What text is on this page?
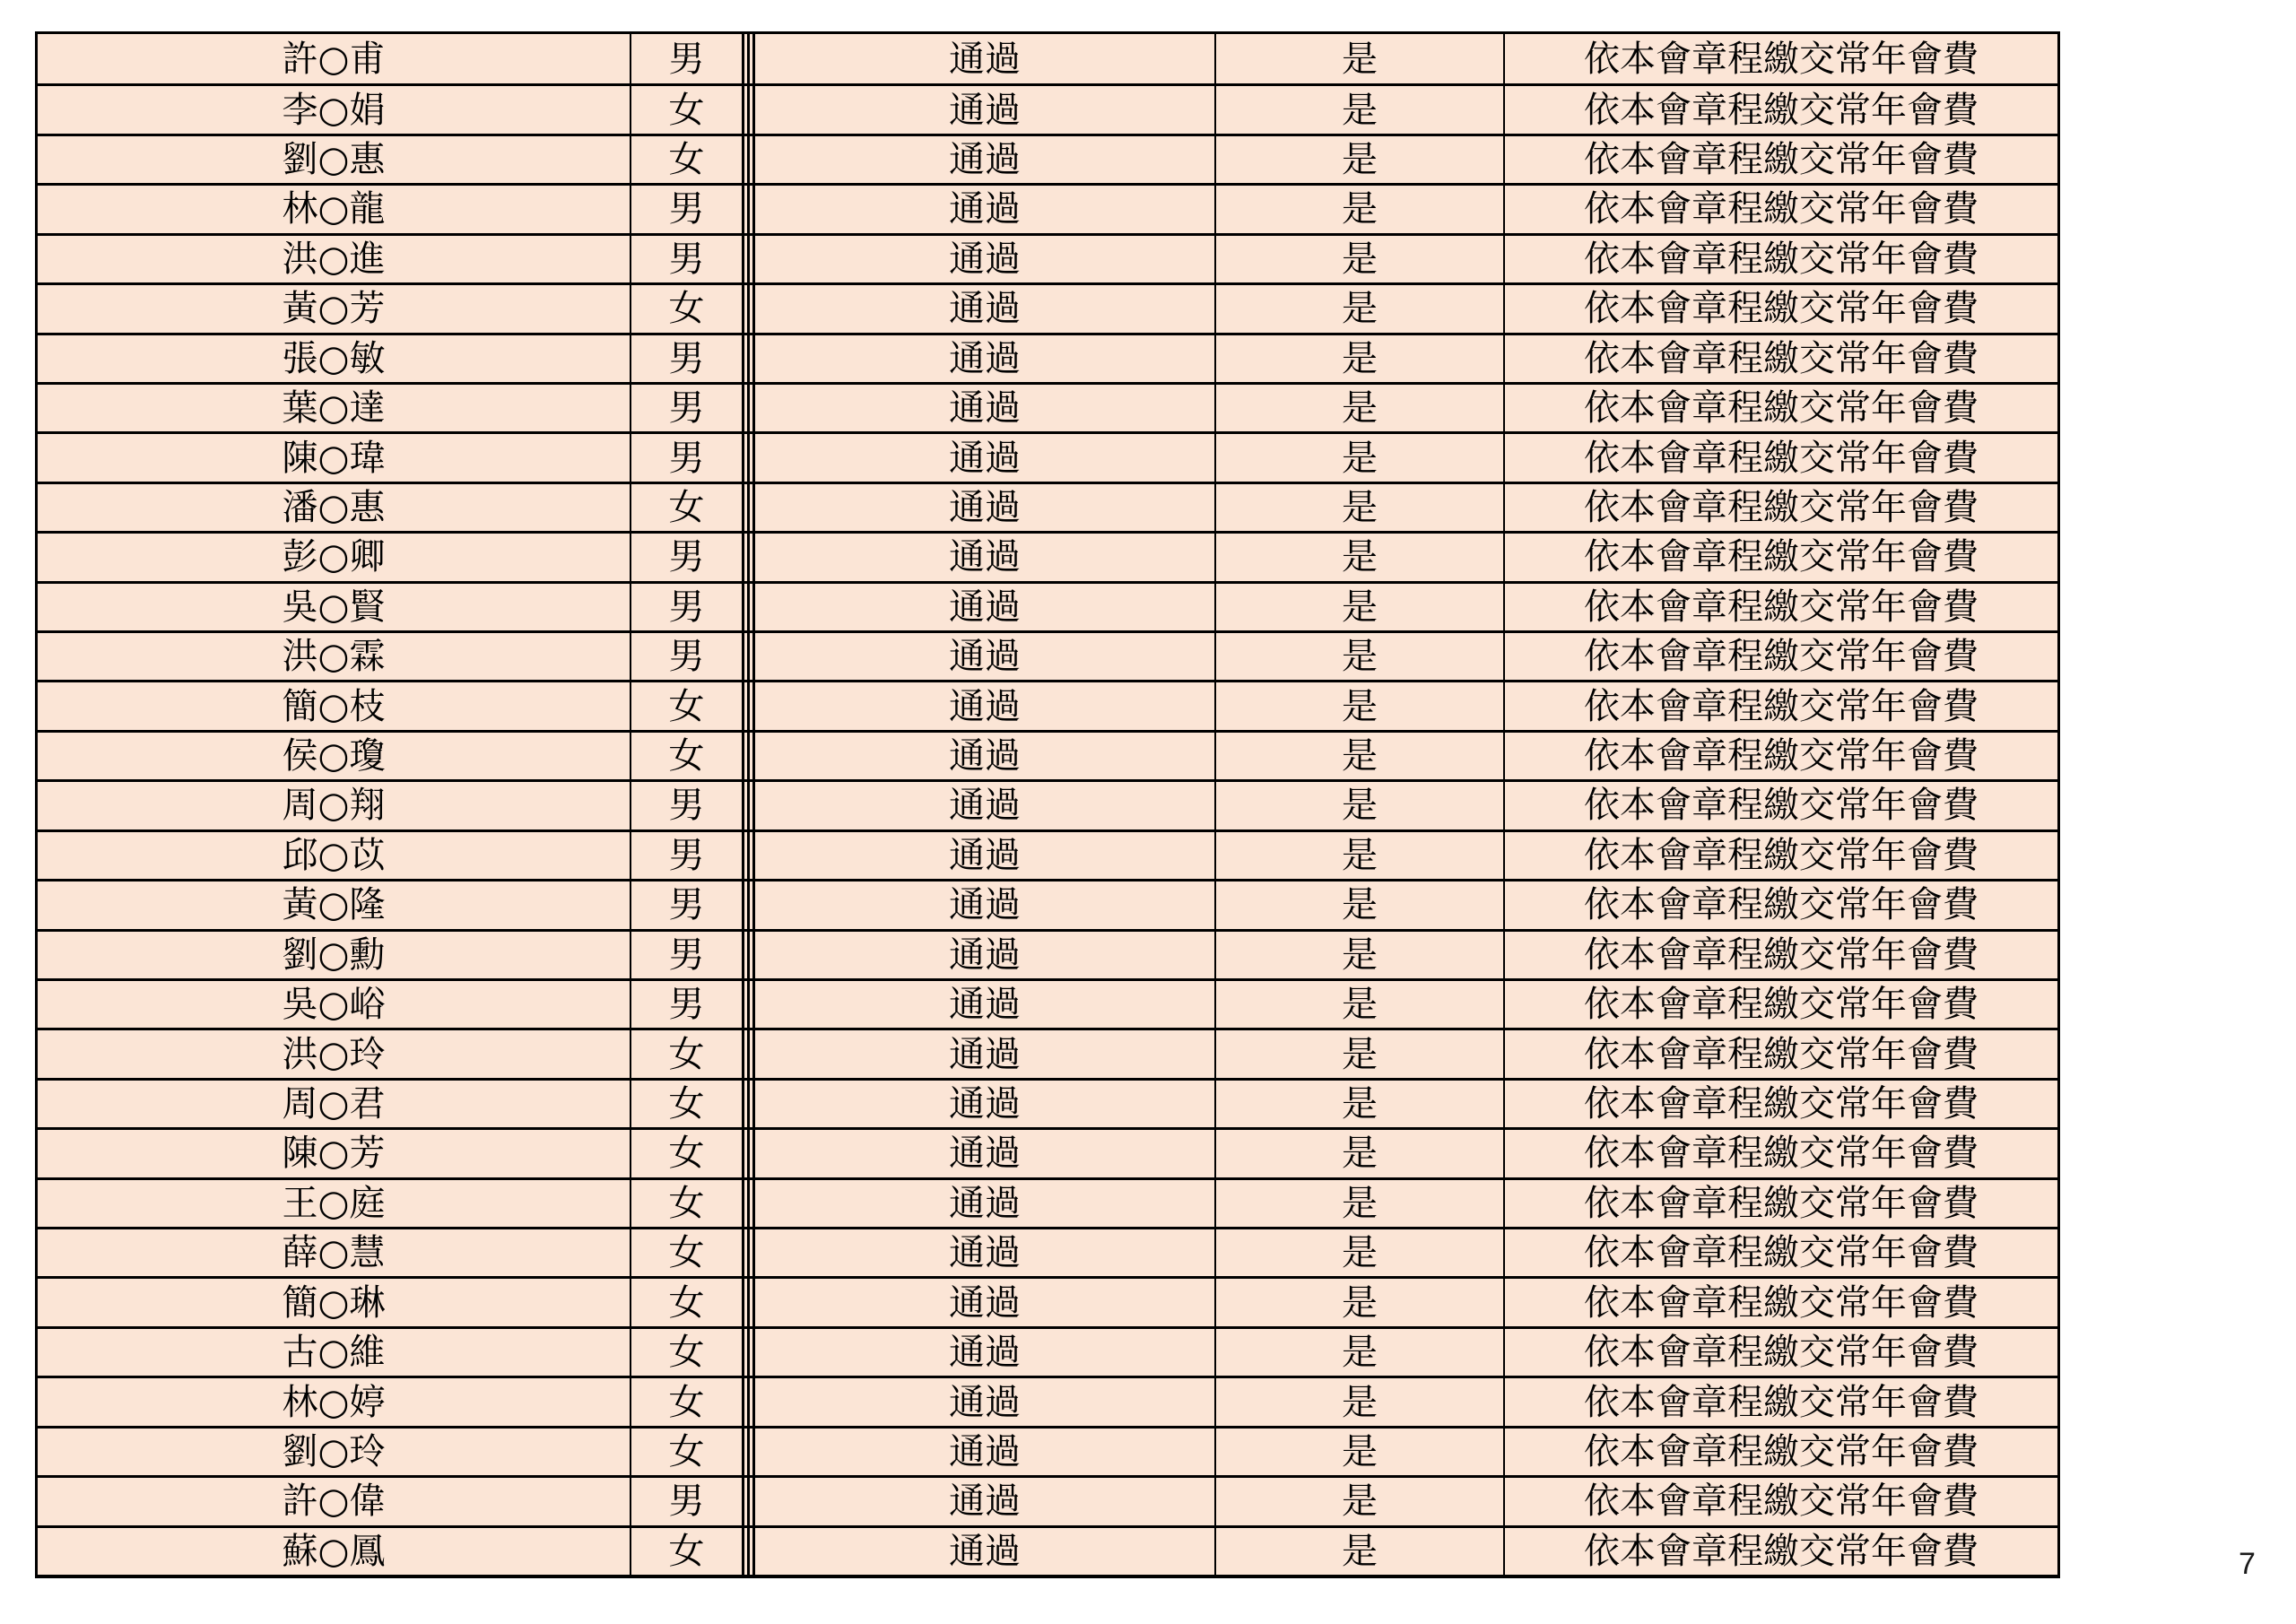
許○甫	男	通過	是	依本會章程繳交常年會費
李○娟	女	通過	是	依本會章程繳交常年會費
劉○惠	女	通過	是	依本會章程繳交常年會費
林○龍	男	通過	是	依本會章程繳交常年會費
洪○進	男	通過	是	依本會章程繳交常年會費
黃○芳	女	通過	是	依本會章程繳交常年會費
張○敏	男	通過	是	依本會章程繳交常年會費
葉○達	男	通過	是	依本會章程繳交常年會費
陳○瑋	男	通過	是	依本會章程繳交常年會費
潘○惠	女	通過	是	依本會章程繳交常年會費
彭○卿	男	通過	是	依本會章程繳交常年會費
吳○賢	男	通過	是	依本會章程繳交常年會費
洪○霖	男	通過	是	依本會章程繳交常年會費
簡○枝	女	通過	是	依本會章程繳交常年會費
侯○瓊	女	通過	是	依本會章程繳交常年會費
周○翔	男	通過	是	依本會章程繳交常年會費
邱○苡	男	通過	是	依本會章程繳交常年會費
黃○隆	男	通過	是	依本會章程繳交常年會費
劉○勳	男	通過	是	依本會章程繳交常年會費
吳○峪	男	通過	是	依本會章程繳交常年會費
洪○玲	女	通過	是	依本會章程繳交常年會費
周○君	女	通過	是	依本會章程繳交常年會費
陳○芳	女	通過	是	依本會章程繳交常年會費
王○庭	女	通過	是	依本會章程繳交常年會費
薛○慧	女	通過	是	依本會章程繳交常年會費
簡○琳	女	通過	是	依本會章程繳交常年會費
古○維	女	通過	是	依本會章程繳交常年會費
林○婷	女	通過	是	依本會章程繳交常年會費
劉○玲	女	通過	是	依本會章程繳交常年會費
許○偉	男	通過	是	依本會章程繳交常年會費
蘇○鳳	女	通過	是	依本會章程繳交常年會費	7
